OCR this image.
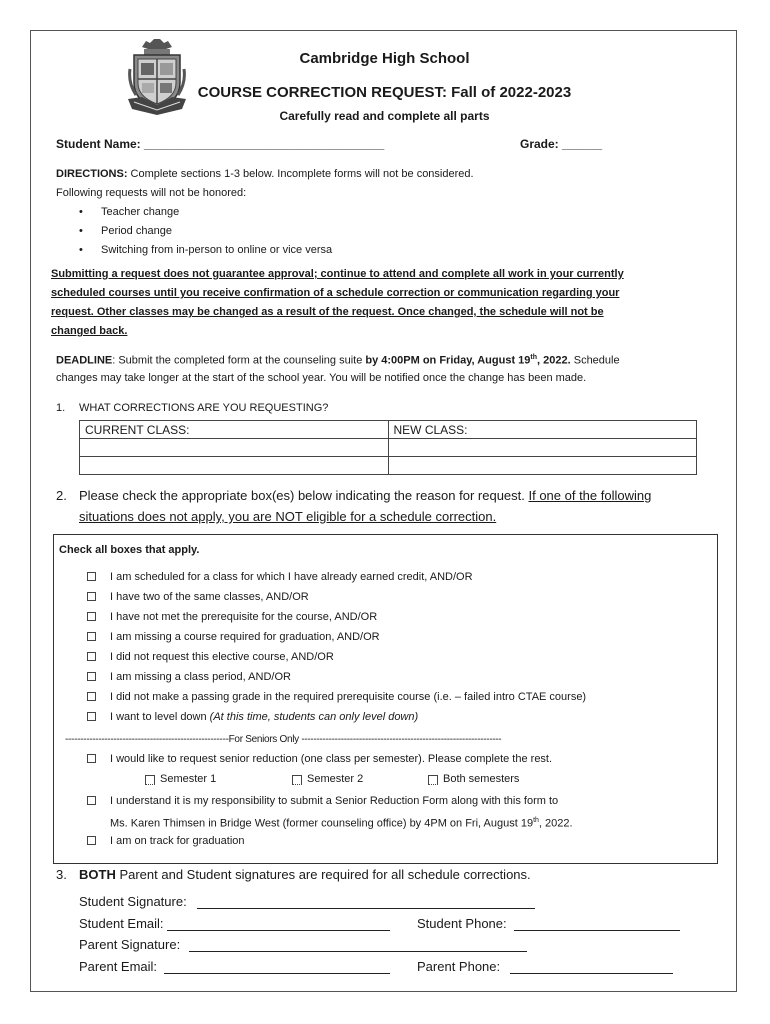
Cambridge High School
COURSE CORRECTION REQUEST: Fall of 2022-2023
Carefully read and complete all parts
Student Name: ____________________________________	Grade: ______
DIRECTIONS: Complete sections 1-3 below. Incomplete forms will not be considered.
Following requests will not be honored:
• Teacher change
• Period change
• Switching from in-person to online or vice versa
Submitting a request does not guarantee approval; continue to attend and complete all work in your currently
scheduled courses until you receive confirmation of a schedule correction or communication regarding your
request. Other classes may be changed as a result of the request. Once changed, the schedule will not be
changed back.
DEADLINE: Submit the completed form at the counseling suite by 4:00PM on Friday, August 19th, 2022. Schedule
changes may take longer at the start of the school year. You will be notified once the change has been made.
1. WHAT CORRECTIONS ARE YOU REQUESTING?
CURRENT CLASS:	NEW CLASS:

2. Please check the appropriate box(es) below indicating the reason for request. If one of the following
situations does not apply, you are NOT eligible for a schedule correction.
Check all boxes that apply.
I am scheduled for a class for which I have already earned credit, AND/OR
I have two of the same classes, AND/OR
I have not met the prerequisite for the course, AND/OR
I am missing a course required for graduation, AND/OR
I did not request this elective course, AND/OR
I am missing a class period, AND/OR
I did not make a passing grade in the required prerequisite course (i.e. – failed intro CTAE course)
I want to level down (At this time, students can only level down)
------------------------------------------------------For Seniors Only ------------------------------------------------------------------
I would like to request senior reduction (one class per semester). Please complete the rest.
Semester 1	Semester 2	Both semesters
I understand it is my responsibility to submit a Senior Reduction Form along with this form to
Ms. Karen Thimsen in Bridge West (former counseling office) by 4PM on Fri, August 19th, 2022.
I am on track for graduation
3. BOTH Parent and Student signatures are required for all schedule corrections.
Student Signature:
Student Email:	Student Phone:
Parent Signature:
Parent Email:	Parent Phone:
